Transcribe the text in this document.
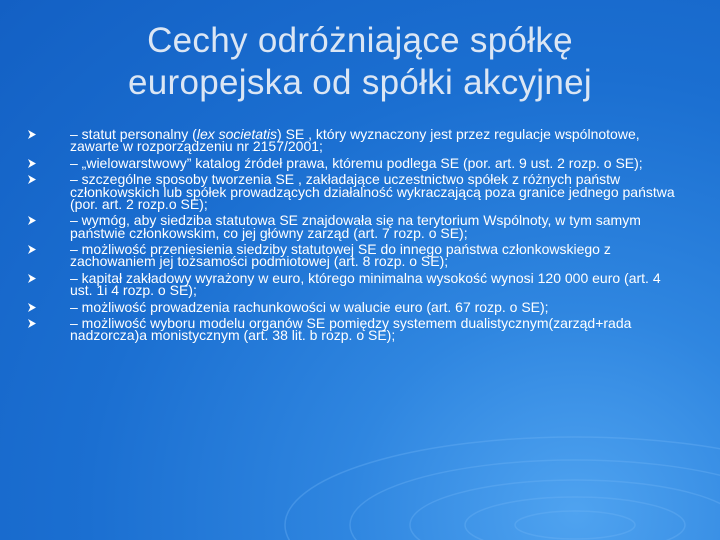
Cechy odróżniające spółkę
europejska od spółki akcyjnej
– statut personalny (lex societatis) SE , który wyznaczony jest przez regulacje wspólnotowe, zawarte w rozporządzeniu nr 2157/2001;
– „wielowarstwowy” katalog źródeł prawa, któremu podlega SE (por. art. 9 ust. 2 rozp. o SE);
– szczególne sposoby tworzenia SE , zakładające uczestnictwo spółek z różnych państw członkowskich lub spółek prowadzących działalność wykraczającą poza granice jednego państwa (por. art. 2 rozp.o SE);
– wymóg, aby siedziba statutowa SE znajdowała się na terytorium Wspólnoty, w tym samym państwie członkowskim, co jej główny zarząd (art. 7 rozp. o SE);
– możliwość przeniesienia siedziby statutowej SE do innego państwa członkowskiego z zachowaniem jej tożsamości podmiotowej (art. 8 rozp. o SE);
– kapitał zakładowy wyrażony w euro, którego minimalna wysokość wynosi 120 000 euro (art. 4 ust. 1i 4 rozp. o SE);
– możliwość prowadzenia rachunkowości w walucie euro (art. 67 rozp. o SE);
– możliwość wyboru modelu organów SE pomiędzy systemem dualistycznym(zarząd+rada nadzorcza)a monistycznym (art. 38 lit. b rozp. o SE);
